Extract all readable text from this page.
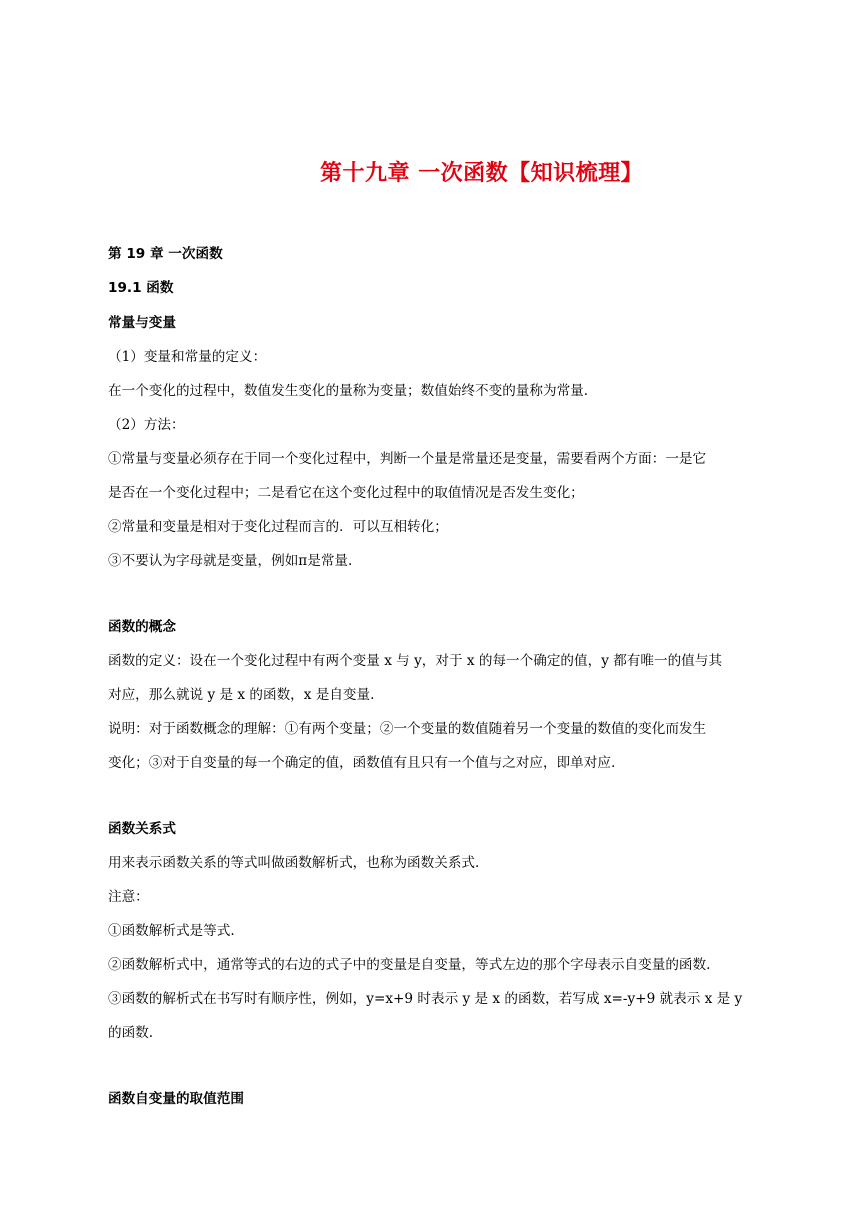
第十九章 一次函数【知识梳理】
第 19 章 一次函数
19.1 函数
常量与变量
（1）变量和常量的定义：
在一个变化的过程中，数值发生变化的量称为变量；数值始终不变的量称为常量.
（2）方法：
①常量与变量必须存在于同一个变化过程中，判断一个量是常量还是变量，需要看两个方面：一是它
是否在一个变化过程中；二是看它在这个变化过程中的取值情况是否发生变化；
②常量和变量是相对于变化过程而言的．可以互相转化；
③不要认为字母就是变量，例如π是常量.
函数的概念
函数的定义：设在一个变化过程中有两个变量 x 与 y，对于 x 的每一个确定的值，y 都有唯一的值与其
对应，那么就说 y 是 x 的函数，x 是自变量.
说明：对于函数概念的理解：①有两个变量；②一个变量的数值随着另一个变量的数值的变化而发生
变化；③对于自变量的每一个确定的值，函数值有且只有一个值与之对应，即单对应.
函数关系式
用来表示函数关系的等式叫做函数解析式，也称为函数关系式.
注意：
①函数解析式是等式.
②函数解析式中，通常等式的右边的式子中的变量是自变量，等式左边的那个字母表示自变量的函数.
③函数的解析式在书写时有顺序性，例如，y=x+9 时表示 y 是 x 的函数，若写成 x=-y+9 就表示 x 是 y
的函数.
函数自变量的取值范围
